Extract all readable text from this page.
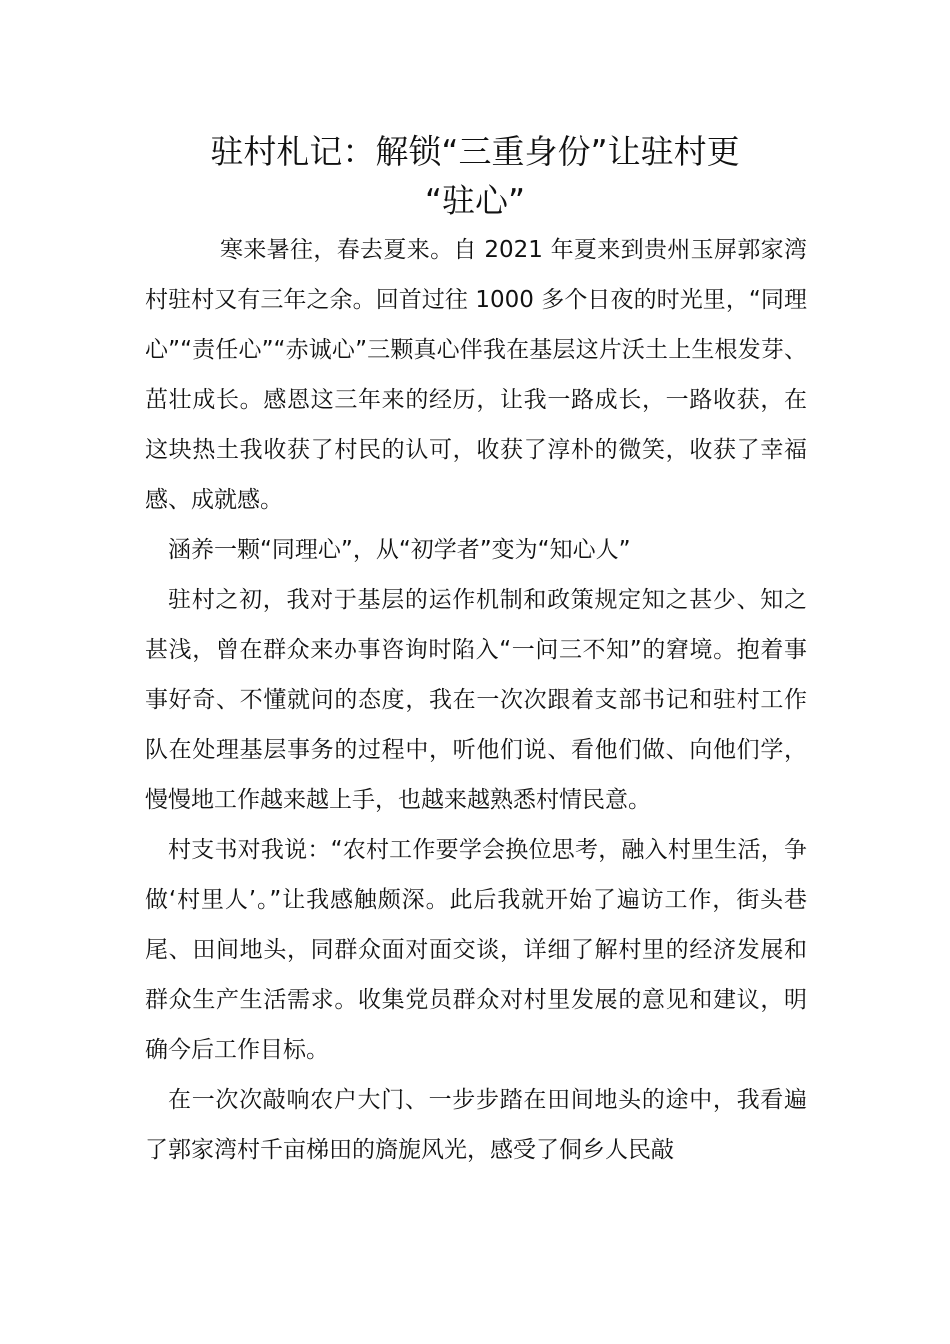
驻村札记：解锁“三重身份”让驻村更
“驻心”

寒来暑往，春去夏来。自 2021 年夏来到贵州玉屏郭家湾村驻村又有三年之余。回首过往 1000 多个日夜的时光里，“同理心”“责任心”“赤诚心”三颗真心伴我在基层这片沃土上生根发芽、茁壮成长。感恩这三年来的经历，让我一路成长，一路收获，在这块热土我收获了村民的认可，收获了淳朴的微笑，收获了幸福感、成就感。

涵养一颗“同理心”，从“初学者”变为“知心人”

驻村之初，我对于基层的运作机制和政策规定知之甚少、知之甚浅，曾在群众来办事咨询时陷入“一问三不知”的窘境。抱着事事好奇、不懂就问的态度，我在一次次跟着支部书记和驻村工作队在处理基层事务的过程中，听他们说、看他们做、向他们学，慢慢地工作越来越上手，也越来越熟悉村情民意。

村支书对我说：“农村工作要学会换位思考，融入村里生活，争做‘村里人’。”让我感触颇深。此后我就开始了遍访工作，街头巷尾、田间地头，同群众面对面交谈，详细了解村里的经济发展和群众生产生活需求。收集党员群众对村里发展的意见和建议，明确今后工作目标。

在一次次敲响农户大门、一步步踏在田间地头的途中，我看遍了郭家湾村千亩梯田的旖旎风光，感受了侗乡人民敲
